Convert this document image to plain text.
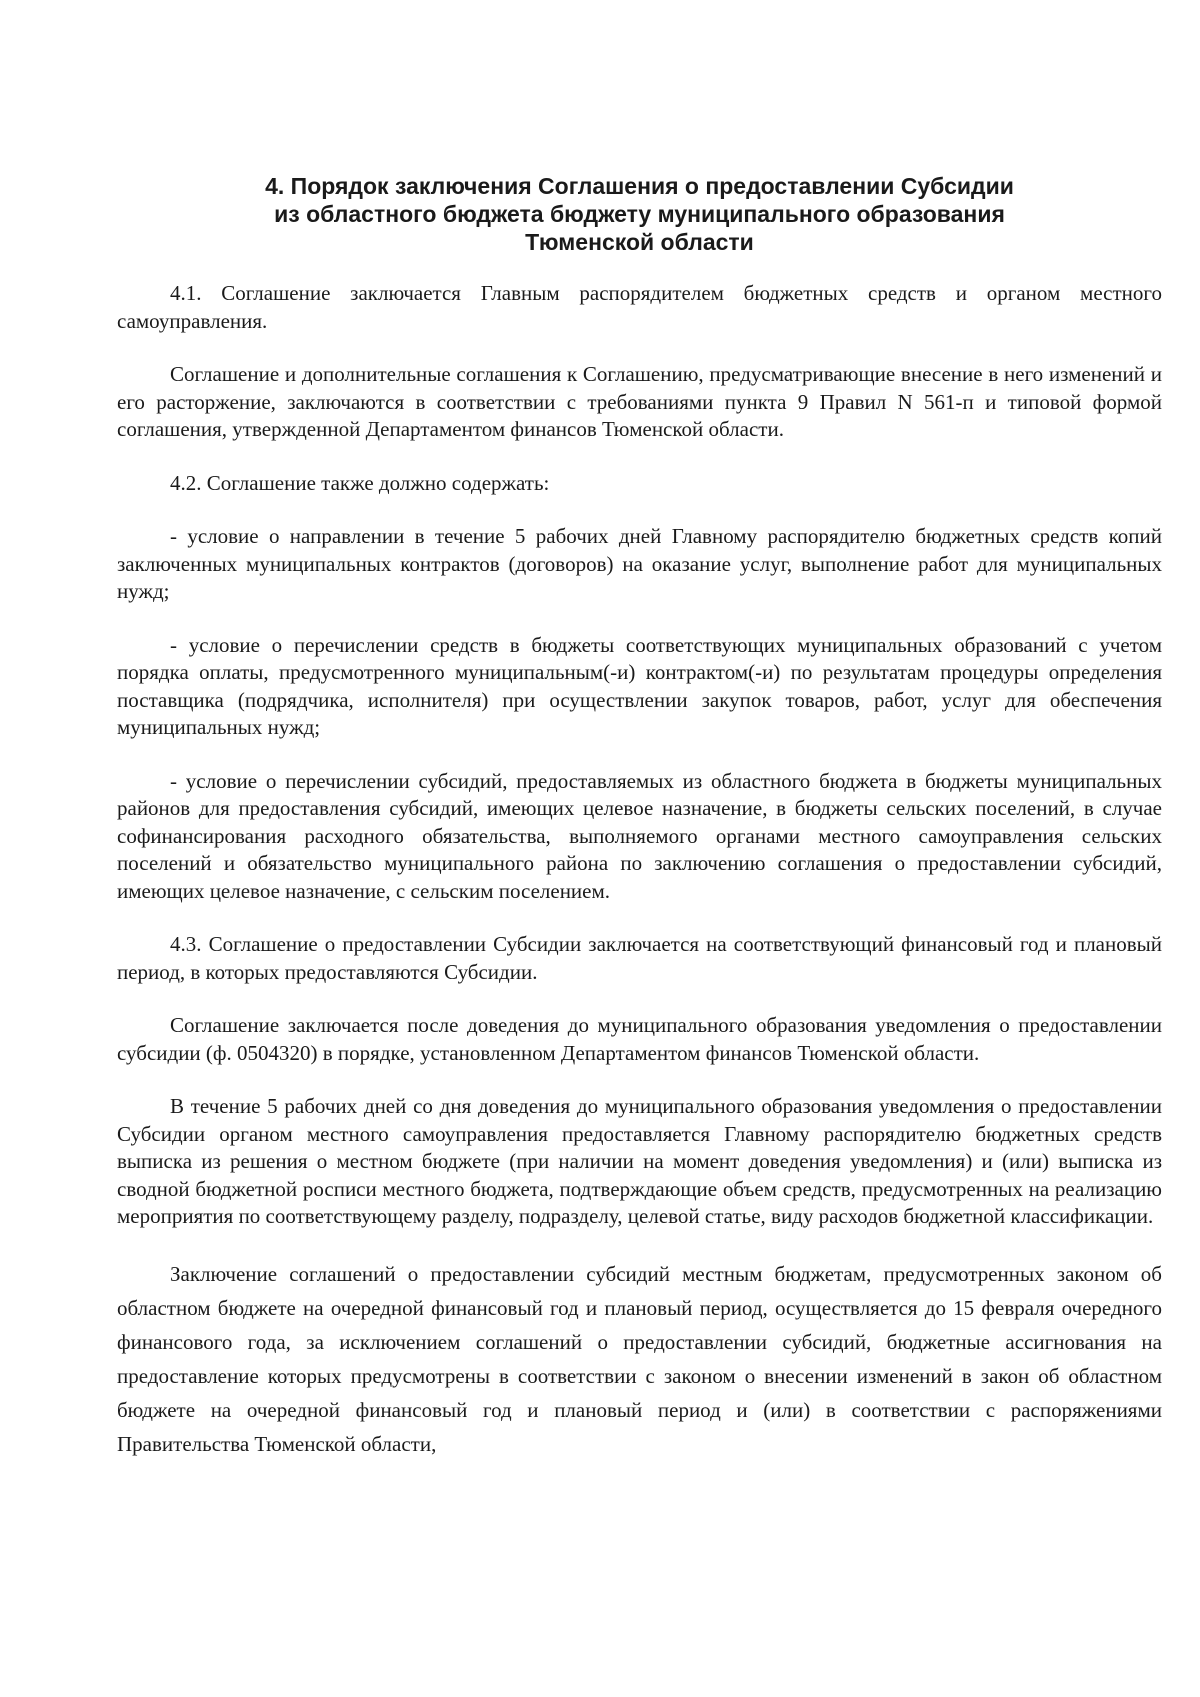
4. Порядок заключения Соглашения о предоставлении Субсидии
из областного бюджета бюджету муниципального образования
Тюменской области

4.1. Соглашение заключается Главным распорядителем бюджетных средств и органом местного самоуправления.

Соглашение и дополнительные соглашения к Соглашению, предусматривающие внесение в него изменений и его расторжение, заключаются в соответствии с требованиями пункта 9 Правил N 561-п и типовой формой соглашения, утвержденной Департаментом финансов Тюменской области.

4.2. Соглашение также должно содержать:

- условие о направлении в течение 5 рабочих дней Главному распорядителю бюджетных средств копий заключенных муниципальных контрактов (договоров) на оказание услуг, выполнение работ для муниципальных нужд;

- условие о перечислении средств в бюджеты соответствующих муниципальных образований с учетом порядка оплаты, предусмотренного муниципальным(-и) контрактом(-и) по результатам процедуры определения поставщика (подрядчика, исполнителя) при осуществлении закупок товаров, работ, услуг для обеспечения муниципальных нужд;

- условие о перечислении субсидий, предоставляемых из областного бюджета в бюджеты муниципальных районов для предоставления субсидий, имеющих целевое назначение, в бюджеты сельских поселений, в случае софинансирования расходного обязательства, выполняемого органами местного самоуправления сельских поселений и обязательство муниципального района по заключению соглашения о предоставлении субсидий, имеющих целевое назначение, с сельским поселением.

4.3. Соглашение о предоставлении Субсидии заключается на соответствующий финансовый год и плановый период, в которых предоставляются Субсидии.

Соглашение заключается после доведения до муниципального образования уведомления о предоставлении субсидии (ф. 0504320) в порядке, установленном Департаментом финансов Тюменской области.

В течение 5 рабочих дней со дня доведения до муниципального образования уведомления о предоставлении Субсидии органом местного самоуправления предоставляется Главному распорядителю бюджетных средств выписка из решения о местном бюджете (при наличии на момент доведения уведомления) и (или) выписка из сводной бюджетной росписи местного бюджета, подтверждающие объем средств, предусмотренных на реализацию мероприятия по соответствующему разделу, подразделу, целевой статье, виду расходов бюджетной классификации.

Заключение соглашений о предоставлении субсидий местным бюджетам, предусмотренных законом об областном бюджете на очередной финансовый год и плановый период, осуществляется до 15 февраля очередного финансового года, за исключением соглашений о предоставлении субсидий, бюджетные ассигнования на предоставление которых предусмотрены в соответствии с законом о внесении изменений в закон об областном бюджете на очередной финансовый год и плановый период и (или) в соответствии с распоряжениями Правительства Тюменской области,
